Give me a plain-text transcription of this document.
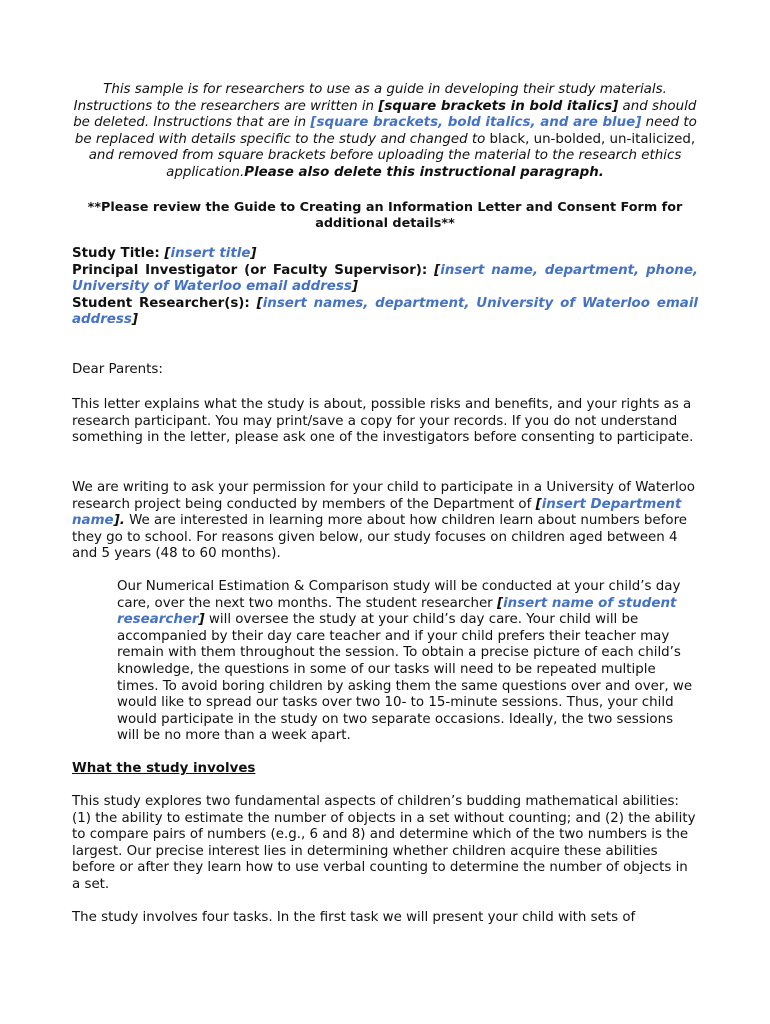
This sample is for researchers to use as a guide in developing their study materials. Instructions to the researchers are written in [square brackets in bold italics] and should be deleted. Instructions that are in [square brackets, bold italics, and are blue] need to be replaced with details specific to the study and changed to black, un-bolded, un-italicized, and removed from square brackets before uploading the material to the research ethics application.Please also delete this instructional paragraph.

**Please review the Guide to Creating an Information Letter and Consent Form for additional details**

Study Title: [insert title]
Principal Investigator (or Faculty Supervisor): [insert name, department, phone, University of Waterloo email address]
Student Researcher(s): [insert names, department, University of Waterloo email address]

Dear Parents:

This letter explains what the study is about, possible risks and benefits, and your rights as a research participant. You may print/save a copy for your records. If you do not understand something in the letter, please ask one of the investigators before consenting to participate.

We are writing to ask your permission for your child to participate in a University of Waterloo research project being conducted by members of the Department of [insert Department name]. We are interested in learning more about how children learn about numbers before they go to school. For reasons given below, our study focuses on children aged between 4 and 5 years (48 to 60 months).

Our Numerical Estimation & Comparison study will be conducted at your child’s day care, over the next two months. The student researcher [insert name of student researcher] will oversee the study at your child’s day care. Your child will be accompanied by their day care teacher and if your child prefers their teacher may remain with them throughout the session. To obtain a precise picture of each child’s knowledge, the questions in some of our tasks will need to be repeated multiple times. To avoid boring children by asking them the same questions over and over, we would like to spread our tasks over two 10- to 15-minute sessions. Thus, your child would participate in the study on two separate occasions. Ideally, the two sessions will be no more than a week apart.

What the study involves

This study explores two fundamental aspects of children’s budding mathematical abilities: (1) the ability to estimate the number of objects in a set without counting; and (2) the ability to compare pairs of numbers (e.g., 6 and 8) and determine which of the two numbers is the largest. Our precise interest lies in determining whether children acquire these abilities before or after they learn how to use verbal counting to determine the number of objects in a set.

The study involves four tasks. In the first task we will present your child with sets of
